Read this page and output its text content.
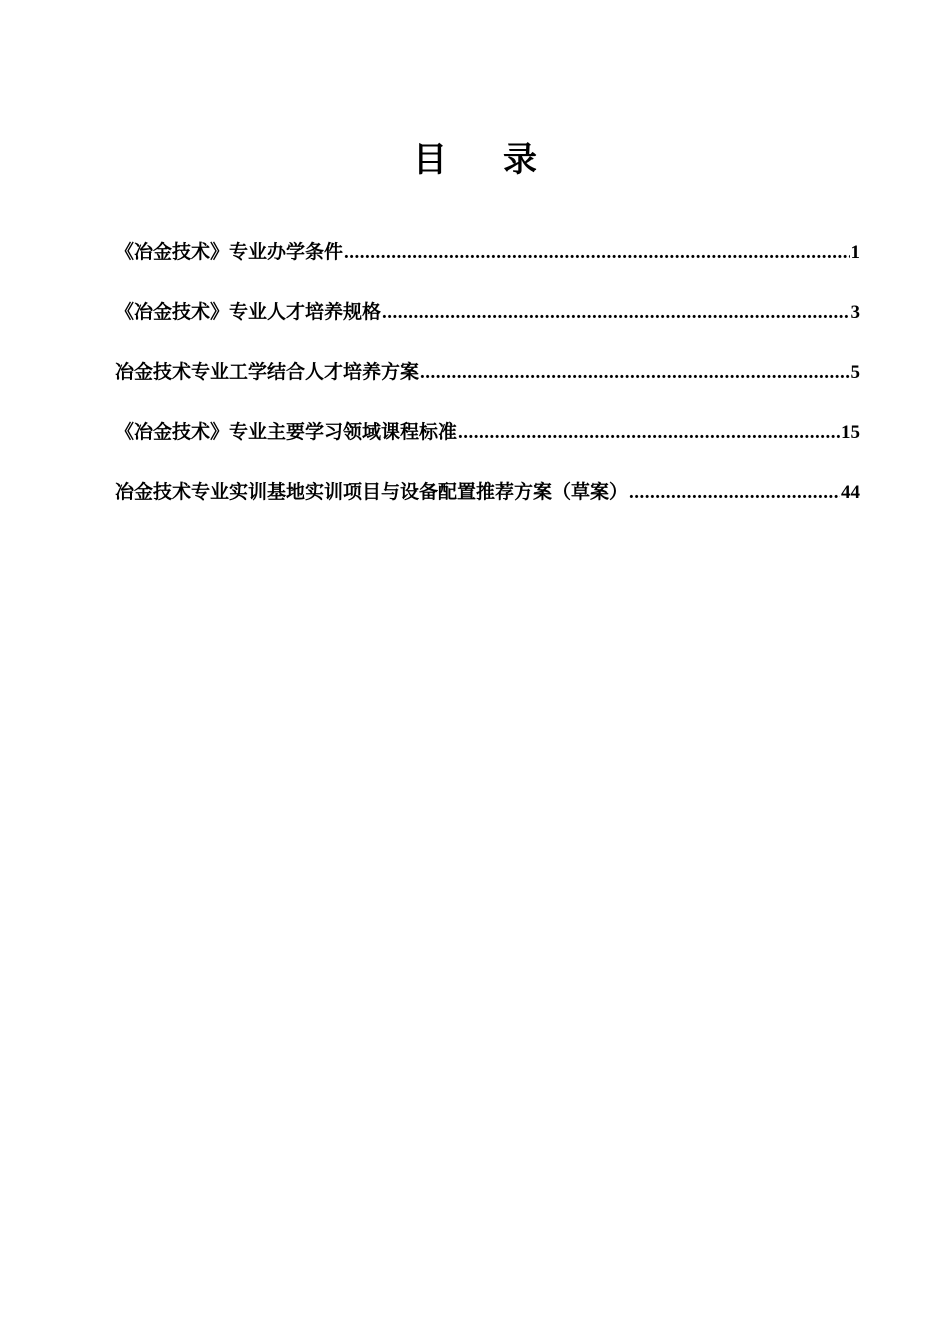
目录
《冶金技术》专业办学条件 .....	1
《冶金技术》专业人才培养规格 .....	3
冶金技术专业工学结合人才培养方案 .....	5
《冶金技术》专业主要学习领域课程标准 .....	15
冶金技术专业实训基地实训项目与设备配置推荐方案（草案） .....	44
